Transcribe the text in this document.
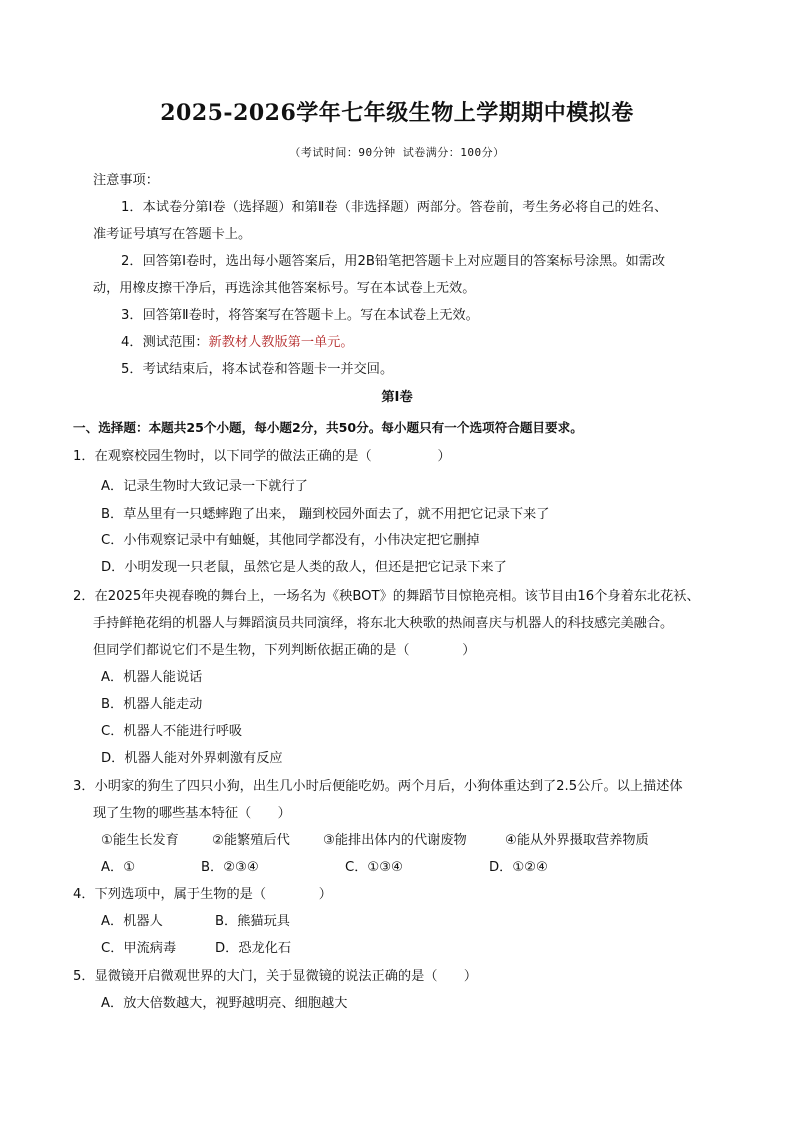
2025-2026学年七年级生物上学期期中模拟卷
（考试时间：90分钟 试卷满分：100分）
注意事项：
1．本试卷分第Ⅰ卷（选择题）和第Ⅱ卷（非选择题）两部分。答卷前，考生务必将自己的姓名、
准考证号填写在答题卡上。
2．回答第Ⅰ卷时，选出每小题答案后，用2B铅笔把答题卡上对应题目的答案标号涂黑。如需改
动，用橡皮擦干净后，再选涂其他答案标号。写在本试卷上无效。
3．回答第Ⅱ卷时，将答案写在答题卡上。写在本试卷上无效。
4．测试范围：新教材人教版第一单元。
5．考试结束后，将本试卷和答题卡一并交回。
第Ⅰ卷
一、选择题：本题共25个小题，每小题2分，共50分。每小题只有一个选项符合题目要求。
1．在观察校园生物时，以下同学的做法正确的是（　　　　　）
A．记录生物时大致记录一下就行了
B．草丛里有一只蟋蟀跑了出来， 蹦到校园外面去了，就不用把它记录下来了
C．小伟观察记录中有蚰蜒，其他同学都没有，小伟决定把它删掉
D．小明发现一只老鼠，虽然它是人类的敌人，但还是把它记录下来了
2．在2025年央视春晚的舞台上，一场名为《秧BOT》的舞蹈节目惊艳亮相。该节目由16个身着东北花袄、
手持鲜艳花绢的机器人与舞蹈演员共同演绎，将东北大秧歌的热闹喜庆与机器人的科技感完美融合。
但同学们都说它们不是生物，下列判断依据正确的是（　　　　）
A．机器人能说话
B．机器人能走动
C．机器人不能进行呼吸
D．机器人能对外界刺激有反应
3．小明家的狗生了四只小狗，出生几小时后便能吃奶。两个月后，小狗体重达到了2.5公斤。以上描述体
现了生物的哪些基本特征（　　）
①能生长发育	②能繁殖后代	③能排出体内的代谢废物	④能从外界摄取营养物质
A．①	B．②③④	C．①③④	D．①②④
4．下列选项中，属于生物的是（　　　　）
A．机器人	B．熊猫玩具
C．甲流病毒	D．恐龙化石
5．显微镜开启微观世界的大门，关于显微镜的说法正确的是（　　）
A．放大倍数越大，视野越明亮、细胞越大
